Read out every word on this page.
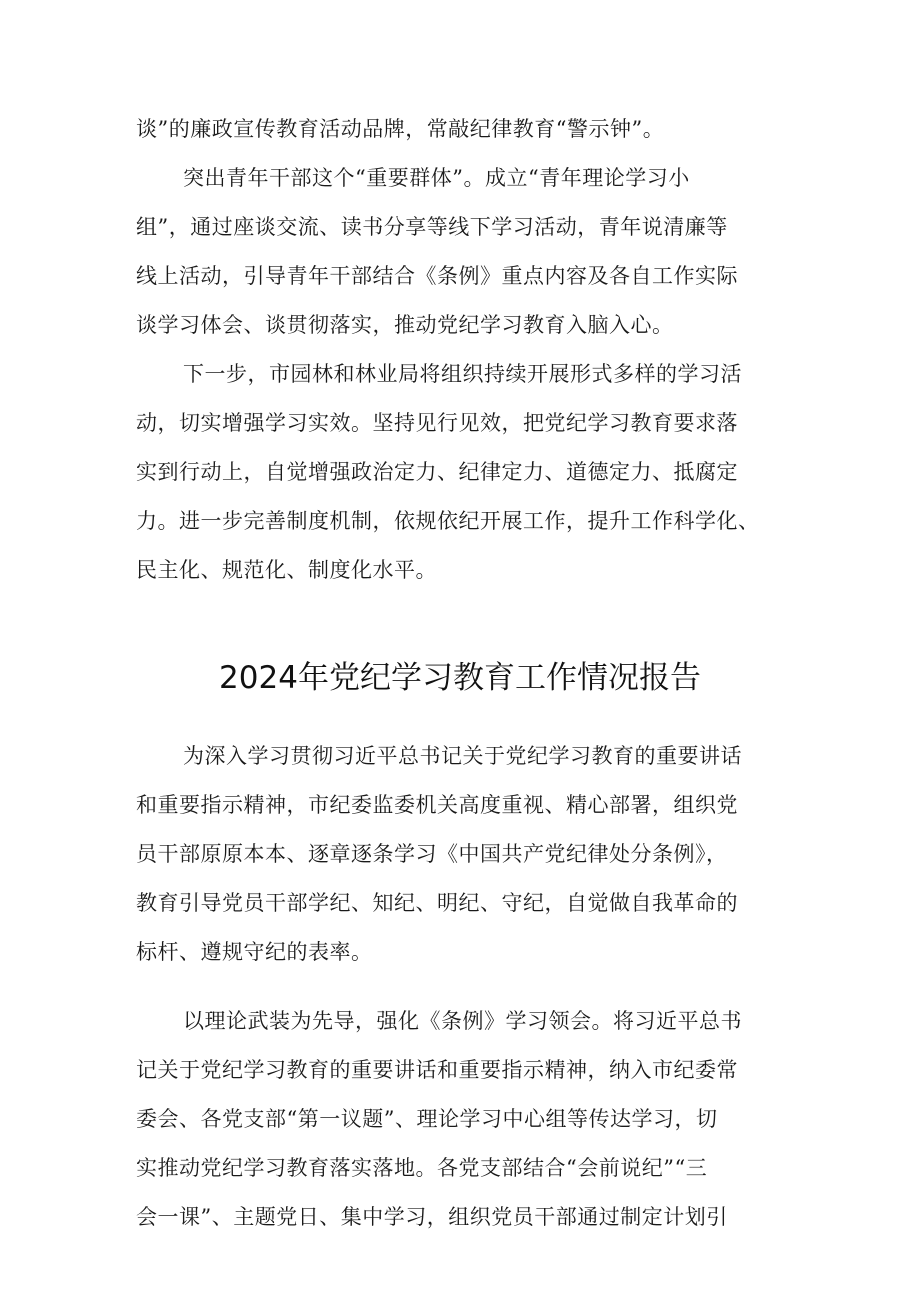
谈”的廉政宣传教育活动品牌，常敲纪律教育“警示钟”。
突出青年干部这个“重要群体”。成立“青年理论学习小
组”，通过座谈交流、读书分享等线下学习活动，青年说清廉等
线上活动，引导青年干部结合《条例》重点内容及各自工作实际
谈学习体会、谈贯彻落实，推动党纪学习教育入脑入心。
下一步，市园林和林业局将组织持续开展形式多样的学习活
动，切实增强学习实效。坚持见行见效，把党纪学习教育要求落
实到行动上，自觉增强政治定力、纪律定力、道德定力、抵腐定
力。进一步完善制度机制，依规依纪开展工作，提升工作科学化、
民主化、规范化、制度化水平。
2024年党纪学习教育工作情况报告
为深入学习贯彻习近平总书记关于党纪学习教育的重要讲话
和重要指示精神，市纪委监委机关高度重视、精心部署，组织党
员干部原原本本、逐章逐条学习《中国共产党纪律处分条例》，
教育引导党员干部学纪、知纪、明纪、守纪，自觉做自我革命的
标杆、遵规守纪的表率。
以理论武装为先导，强化《条例》学习领会。将习近平总书
记关于党纪学习教育的重要讲话和重要指示精神，纳入市纪委常
委会、各党支部“第一议题”、理论学习中心组等传达学习，切
实推动党纪学习教育落实落地。各党支部结合“会前说纪”“三
会一课”、主题党日、集中学习，组织党员干部通过制定计划引
